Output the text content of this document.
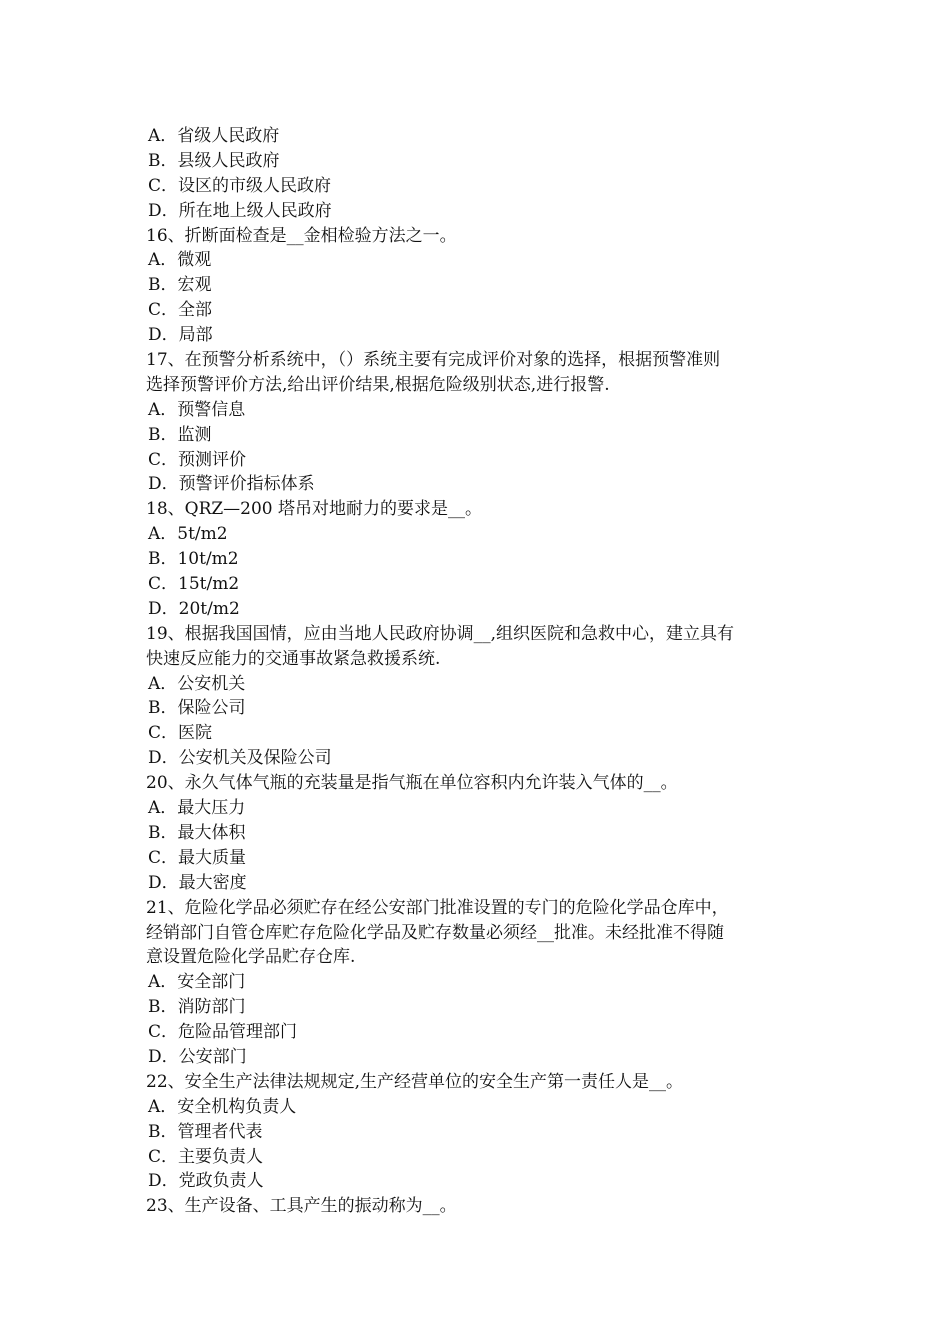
A．省级人民政府
B．县级人民政府
C．设区的市级人民政府
D．所在地上级人民政府
16、折断面检查是__金相检验方法之一。
A．微观
B．宏观
C．全部
D．局部
17、在预警分析系统中，（）系统主要有完成评价对象的选择，根据预警准则
选择预警评价方法,给出评价结果,根据危险级别状态,进行报警.
A．预警信息
B．监测
C．预测评价
D．预警评价指标体系
18、QRZ—200 塔吊对地耐力的要求是__。
A．5t/m2
B．10t/m2
C．15t/m2
D．20t/m2
19、根据我国国情，应由当地人民政府协调__,组织医院和急救中心，建立具有
快速反应能力的交通事故紧急救援系统.
A．公安机关
B．保险公司
C．医院
D．公安机关及保险公司
20、永久气体气瓶的充装量是指气瓶在单位容积内允许装入气体的__。
A．最大压力
B．最大体积
C．最大质量
D．最大密度
21、危险化学品必须贮存在经公安部门批准设置的专门的危险化学品仓库中，
经销部门自管仓库贮存危险化学品及贮存数量必须经__批准。未经批准不得随
意设置危险化学品贮存仓库.
A．安全部门
B．消防部门
C．危险品管理部门
D．公安部门
22、安全生产法律法规规定,生产经营单位的安全生产第一责任人是__。
A．安全机构负责人
B．管理者代表
C．主要负责人
D．党政负责人
23、生产设备、工具产生的振动称为__。
